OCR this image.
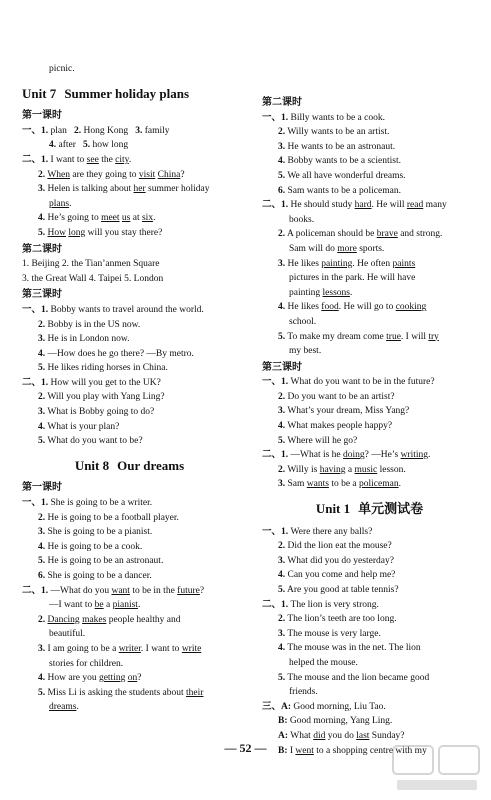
picnic.
Unit 7 Summer holiday plans
第一课时
一、1. plan 2. Hong Kong 3. family
4. after 5. how long
二、1. I want to see the city.
2. When are they going to visit China?
3. Helen is talking about her summer holiday
plans.
4. He’s going to meet us at six.
5. How long will you stay there?
第二课时
1. Beijing 2. the Tian’anmen Square
3. the Great Wall 4. Taipei 5. London
第三课时
一、1. Bobby wants to travel around the world.
2. Bobby is in the US now.
3. He is in London now.
4. —How does he go there? —By metro.
5. He likes riding horses in China.
二、1. How will you get to the UK?
2. Will you play with Yang Ling?
3. What is Bobby going to do?
4. What is your plan?
5. What do you want to be?
Unit 8 Our dreams
第一课时
一、1. She is going to be a writer.
2. He is going to be a football player.
3. She is going to be a pianist.
4. He is going to be a cook.
5. He is going to be an astronaut.
6. She is going to be a dancer.
二、1. —What do you want to be in the future?
—I want to be a pianist.
2. Dancing makes people healthy and
beautiful.
3. I am going to be a writer. I want to write
stories for children.
4. How are you getting on?
5. Miss Li is asking the students about their
dreams.
第二课时
一、1. Billy wants to be a cook.
2. Willy wants to be an artist.
3. He wants to be an astronaut.
4. Bobby wants to be a scientist.
5. We all have wonderful dreams.
6. Sam wants to be a policeman.
二、1. He should study hard. He will read many
books.
2. A policeman should be brave and strong.
Sam will do more sports.
3. He likes painting. He often paints
pictures in the park. He will have
painting lessons.
4. He likes food. He will go to cooking
school.
5. To make my dream come true. I will try
my best.
第三课时
一、1. What do you want to be in the future?
2. Do you want to be an artist?
3. What’s your dream, Miss Yang?
4. What makes people happy?
5. Where will he go?
二、1. —What is he doing? —He’s writing.
2. Willy is having a music lesson.
3. Sam wants to be a policeman.
Unit 1 单元测试卷
一、1. Were there any balls?
2. Did the lion eat the mouse?
3. What did you do yesterday?
4. Can you come and help me?
5. Are you good at table tennis?
二、1. The lion is very strong.
2. The lion’s teeth are too long.
3. The mouse is very large.
4. The mouse was in the net. The lion
helped the mouse.
5. The mouse and the lion became good
friends.
三、A: Good morning, Liu Tao.
B: Good morning, Yang Ling.
A: What did you do last Sunday?
B: I went to a shopping centre with my
— 52 —
